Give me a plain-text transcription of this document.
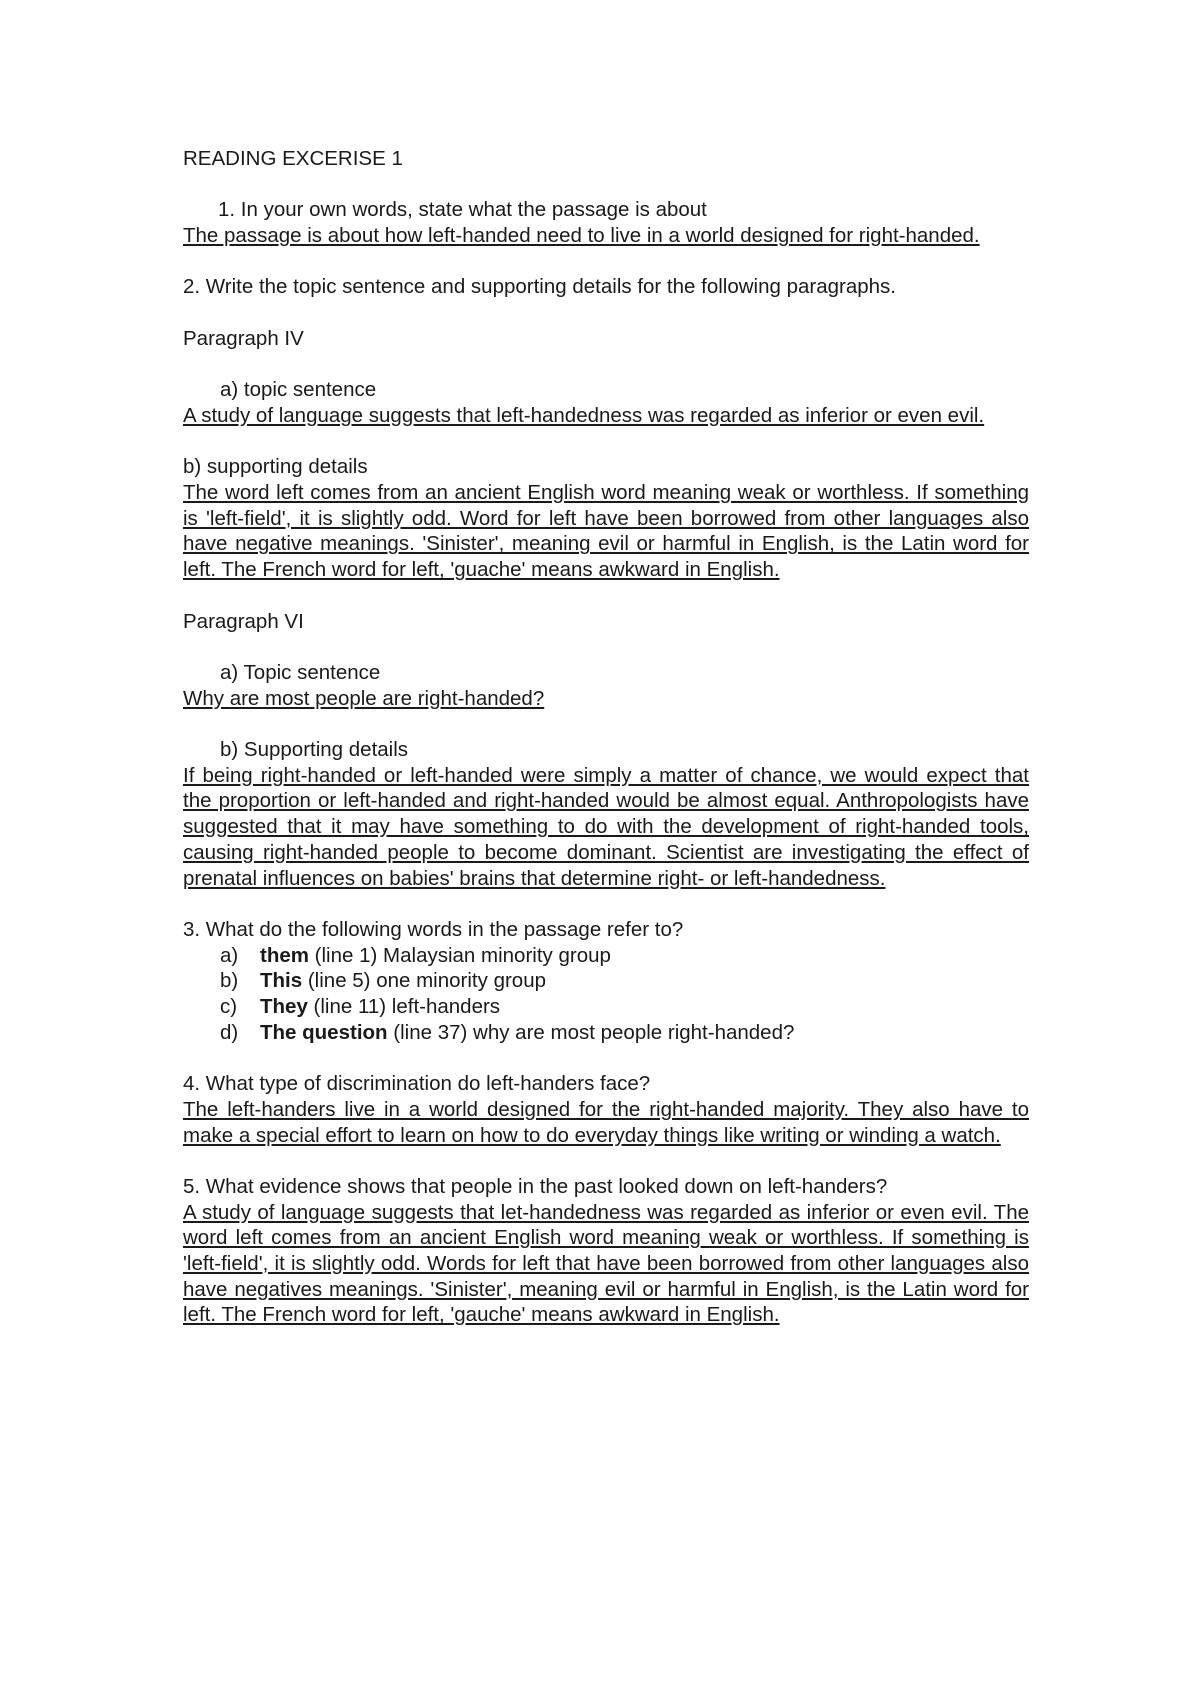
READING EXCERISE 1
1. In your own words, state what the passage is about
The passage is about how left-handed need to live in a world designed for right-handed.
2. Write the topic sentence and supporting details for the following paragraphs.
Paragraph IV
a) topic sentence
A study of language suggests that left-handedness was regarded as inferior or even evil.
b) supporting details
The word left comes from an ancient English word meaning weak or worthless. If something is 'left-field', it is slightly odd. Word for left have been borrowed from other languages also have negative meanings. 'Sinister', meaning evil or harmful in English, is the Latin word for left. The French word for left, 'guache' means awkward in English.
Paragraph VI
a) Topic sentence
Why are most people are right-handed?
b) Supporting details
If being right-handed or left-handed were simply a matter of chance, we would expect that the proportion or left-handed and right-handed would be almost equal. Anthropologists have suggested that it may have something to do with the development of right-handed tools, causing right-handed people to become dominant. Scientist are investigating the effect of prenatal influences on babies' brains that determine right- or left-handedness.
3. What do the following words in the passage refer to?
a)	them (line 1) Malaysian minority group
b)	This (line 5) one minority group
c)	They (line 11) left-handers
d)	The question (line 37) why are most people right-handed?
4. What type of discrimination do left-handers face?
The left-handers live in a world designed for the right-handed majority. They also have to make a special effort to learn on how to do everyday things like writing or winding a watch.
5. What evidence shows that people in the past looked down on left-handers?
A study of language suggests that let-handedness was regarded as inferior or even evil. The word left comes from an ancient English word meaning weak or worthless. If something is 'left-field', it is slightly odd. Words for left that have been borrowed from other languages also have negatives meanings. 'Sinister', meaning evil or harmful in English, is the Latin word for left. The French word for left, 'gauche' means awkward in English.
